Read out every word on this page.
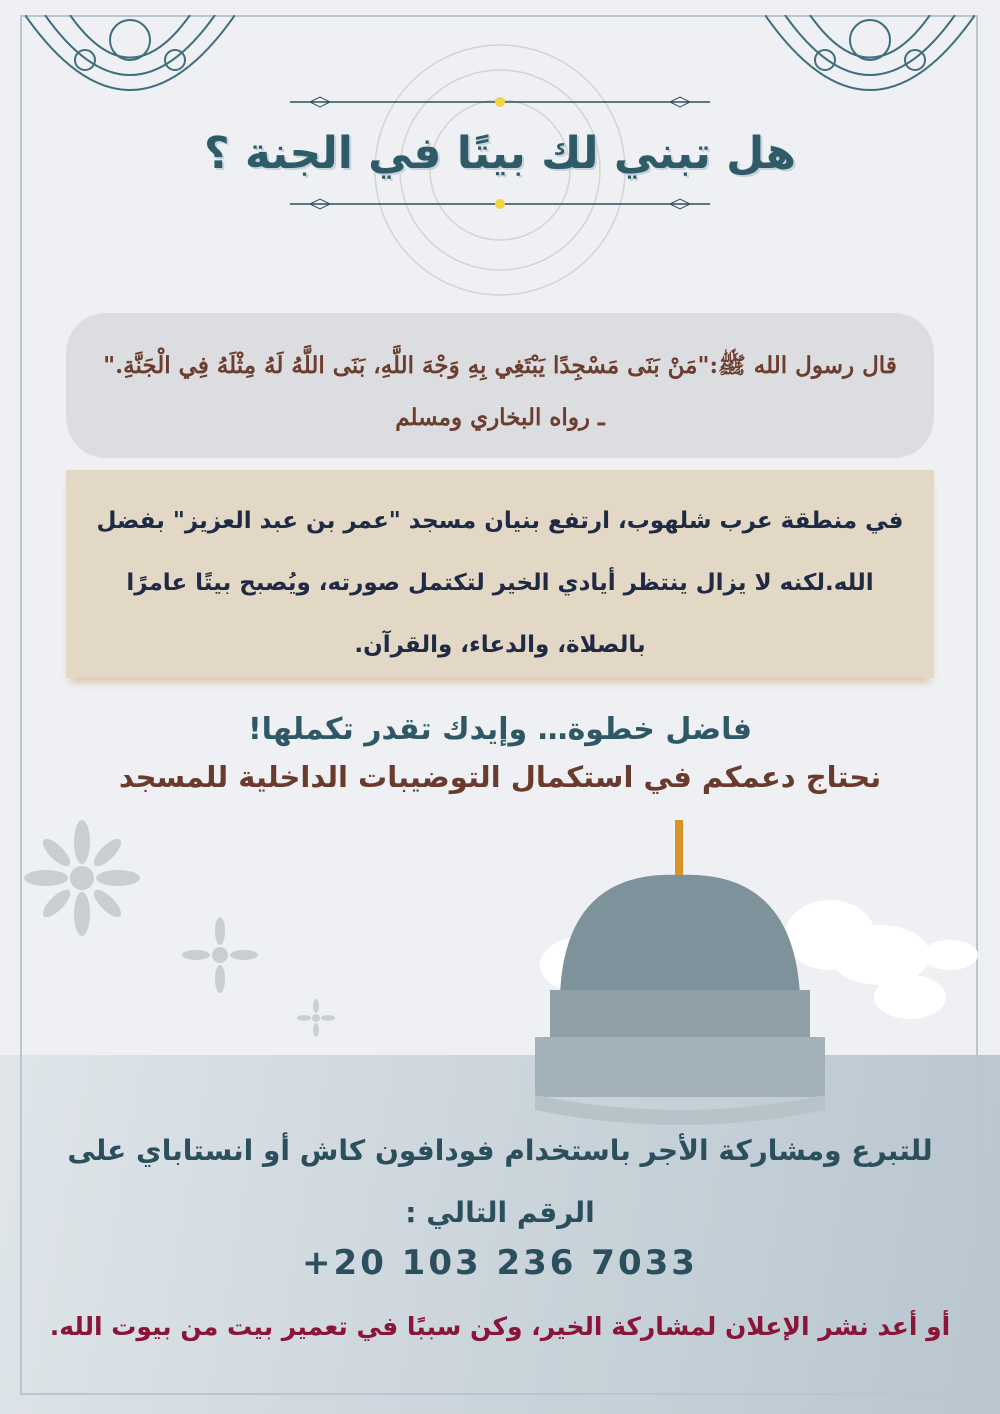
هل تبني لك بيتًا في الجنة ؟
قال رسول الله ﷺ:"مَنْ بَنَى مَسْجِدًا يَبْتَغِي بِهِ وَجْهَ اللَّهِ، بَنَى اللَّهُ لَهُ مِثْلَهُ فِي الْجَنَّةِ."
ـ رواه البخاري ومسلم
في منطقة عرب شلهوب، ارتفع بنيان مسجد "عمر بن عبد العزيز" بفضل الله.لكنه لا يزال ينتظر أيادي الخير لتكتمل صورته، ويُصبح بيتًا عامرًا بالصلاة، والدعاء، والقرآن.
فاضل خطوة… وإيدك تقدر تكملها!
نحتاج دعمكم في استكمال التوضيبات الداخلية للمسجد
للتبرع ومشاركة الأجر باستخدام فودافون كاش أو انستاباي على الرقم التالي :
+20 103 236 7033
أو أعد نشر الإعلان لمشاركة الخير، وكن سببًا في تعمير بيت من بيوت الله.
